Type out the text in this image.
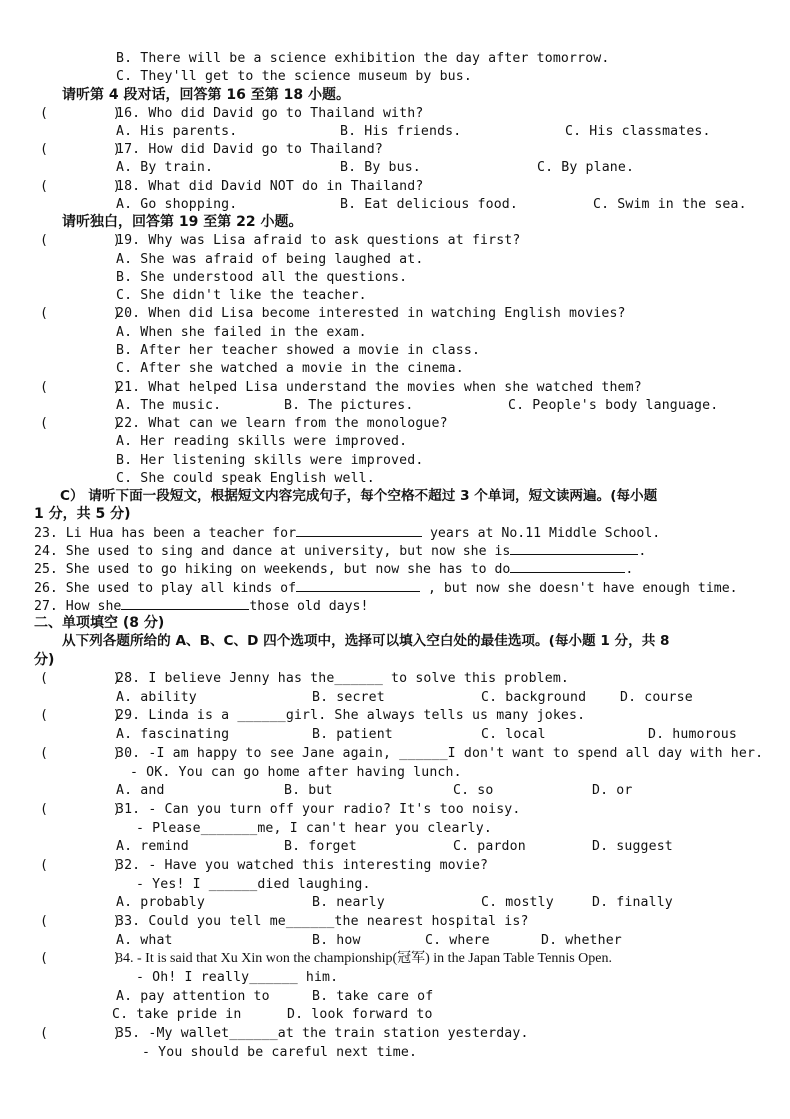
B. There will be a science exhibition the day after tomorrow.
C. They'll get to the science museum by bus.
请听第 4 段对话，回答第 16 至第 18 小题。
(        )
16. Who did David go to Thailand with?
A. His parents.	B. His friends.	C. His classmates.
(        )
17. How did David go to Thailand?
A. By train.	B. By bus.	C. By plane.
(        )
18. What did David NOT do in Thailand?
A. Go shopping.	B. Eat delicious food.	C. Swim in the sea.
请听独白，回答第 19 至第 22 小题。
(        )
19. Why was Lisa afraid to ask questions at first?
A. She was afraid of being laughed at.
B. She understood all the questions.
C. She didn't like the teacher.
(        )
20. When did Lisa become interested in watching English movies?
A. When she failed in the exam.
B. After her teacher showed a movie in class.
C. After she watched a movie in the cinema.
(        )
21. What helped Lisa understand the movies when she watched them?
A. The music.	B. The pictures.	C. People's body language.
(        )
22. What can we learn from the monologue?
A. Her reading skills were improved.
B. Her listening skills were improved.
C. She could speak English well.
C） 请听下面一段短文，根据短文内容完成句子，每个空格不超过 3 个单词，短文读两遍。(每小题
1 分，共 5 分)
23. Li Hua has been a teacher for	years at No.11 Middle School.
24. She used to sing and dance at university, but now she is	.
25. She used to go hiking on weekends, but now she has to do	.
26. She used to play all kinds of	, but now she doesn't have enough time.
27. How she	those old days!
二、单项填空 (8 分)
从下列各题所给的 A、B、C、D 四个选项中，选择可以填入空白处的最佳选项。(每小题 1 分，共 8
分)
(        )
28. I believe Jenny has the______ to solve this problem.
A. ability	B. secret	C. background	D. course
(        )
29. Linda is a ______girl. She always tells us many jokes.
A. fascinating	B. patient	C. local	D. humorous
(        )
30. -I am happy to see Jane again, ______I don't want to spend all day with her.
- OK. You can go home after having lunch.
A. and	B. but	C. so	D. or
(        )
31. - Can you turn off your radio? It's too noisy.
- Please_______me, I can't hear you clearly.
A. remind	B. forget	C. pardon	D. suggest
(        )
32. - Have you watched this interesting movie?
- Yes! I ______died laughing.
A. probably	B. nearly	C. mostly	D. finally
(        )
33. Could you tell me______the nearest hospital is?
A. what	B. how	C. where	D. whether
(        )
34. - It is said that Xu Xin won the championship(冠军) in the Japan Table Tennis Open.
- Oh! I really______ him.
A. pay attention to	B. take care of
C. take pride in	D. look forward to
(        )
35. -My wallet______at the train station yesterday.
- You should be careful next time.
